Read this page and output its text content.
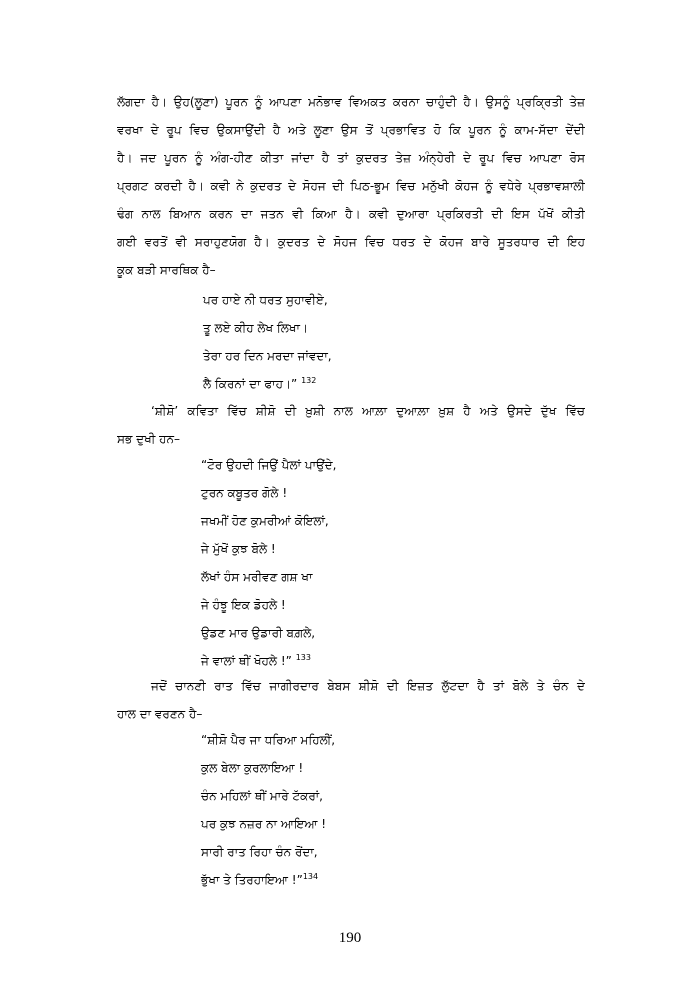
ਲੱਗਦਾ ਹੈ। ਉਹ(ਲੂਣਾ) ਪੂਰਨ ਨੂੰ ਆਪਣਾ ਮਨੋਭਾਵ ਵਿਅਕਤ ਕਰਨਾ ਚਾਹੁੰਦੀ ਹੈ। ਉਸਨੂੰ ਪ੍ਰਕ੍ਰਿਤੀ ਤੇਜ਼
ਵਰਖਾ ਦੇ ਰੂਪ ਵਿਚ ਉਕਸਾਉਂਦੀ ਹੈ ਅਤੇ ਲੂਣਾ ਉਸ ਤੋਂ ਪ੍ਰਭਾਵਿਤ ਹੋ ਕਿ ਪੂਰਨ ਨੂੰ ਕਾਮ-ਸੱਦਾ ਦੇਂਦੀ
ਹੈ। ਜਦ ਪੂਰਨ ਨੂੰ ਅੰਗ-ਹੀਣ ਕੀਤਾ ਜਾਂਦਾ ਹੈ ਤਾਂ ਕੁਦਰਤ ਤੇਜ਼ ਅੰਨ੍ਹੇਰੀ ਦੇ ਰੂਪ ਵਿਚ ਆਪਣਾ ਰੋਸ
ਪ੍ਰਗਟ ਕਰਦੀ ਹੈ। ਕਵੀ ਨੇ ਕੁਦਰਤ ਦੇ ਸੋਹਜ ਦੀ ਪਿਠ-ਭੂਮ ਵਿਚ ਮਨੁੱਖੀ ਕੋਹਜ ਨੂੰ ਵਧੇਰੇ ਪ੍ਰਭਾਵਸ਼ਾਲੀ
ਢੰਗ ਨਾਲ ਬਿਆਨ ਕਰਨ ਦਾ ਜਤਨ ਵੀ ਕਿਆ ਹੈ। ਕਵੀ ਦੁਆਰਾ ਪ੍ਰਕਿਰਤੀ ਦੀ ਇਸ ਪੱਖੋਂ ਕੀਤੀ
ਗਈ ਵਰਤੋਂ ਵੀ ਸਰਾਹੁਣਯੋਗ ਹੈ। ਕੁਦਰਤ ਦੇ ਸੋਹਜ ਵਿਚ ਧਰਤ ਦੇ ਕੋਹਜ ਬਾਰੇ ਸੂਤਰਧਾਰ ਦੀ ਇਹ
ਕੂਕ ਬੜੀ ਸਾਰਥਿਕ ਹੈ–
ਪਰ ਹਾਏ ਨੀ ਧਰਤ ਸੁਹਾਵੀਏ,
ਤੂ ਲਏ ਕੀਹ ਲੇਖ ਲਿਖਾ।
ਤੇਰਾ ਹਰ ਦਿਨ ਮਰਦਾ ਜਾਂਵਦਾ,
ਲੈ ਕਿਰਨਾਂ ਦਾ ਫਾਹ।” $^{132}$
‘ਸ਼ੀਸ਼ੋ’ ਕਵਿਤਾ ਵਿੱਚ ਸ਼ੀਸ਼ੋ ਦੀ ਖ਼ੁਸ਼ੀ ਨਾਲ ਆਲ਼ਾ ਦੁਆਲ਼ਾ ਖ਼ੁਸ਼ ਹੈ ਅਤੇ ਉਸਦੇ ਦੁੱਖ ਵਿੱਚ
ਸਭ ਦੁਖੀ ਹਨ–
“ਟੋਰ ਉਹਦੀ ਜਿਉਂ ਪੈਲਾਂ ਪਾਉਂਦੇ,
ਟੁਰਨ ਕਬੂਤਰ ਗੋਲੇ !
ਜਖਮੀਂ ਹੋਣ ਕੁਮਰੀਆਂ ਕੋਇਲਾਂ,
ਜੇ ਮੁੱਖੋਂ ਕੁਝ ਬੋਲੇ !
ਲੱਖਾਂ ਹੰਸ ਮਰੀਵਣ ਗਸ਼ ਖਾ
ਜੇ ਹੰਝੂ ਇਕ ਡੋਹਲੇ !
ਉਡਣ ਮਾਰ ਉਡਾਰੀ ਬਗ਼ਲੇ,
ਜੇ ਵਾਲਾਂ ਥੀਂ ਖੋਹਲੇ !” $^{133}$
ਜਦੋਂ ਚਾਨਣੀ ਰਾਤ ਵਿੱਚ ਜਾਗੀਰਦਾਰ ਬੇਬਸ ਸ਼ੀਸ਼ੋ ਦੀ ਇਜ਼ਤ ਲੁੱਟਦਾ ਹੈ ਤਾਂ ਬੋਲੇ ਤੇ ਚੰਨ ਦੇ
ਹਾਲ ਦਾ ਵਰਣਨ ਹੈ–
“ਸ਼ੀਸ਼ੋ ਪੈਰ ਜਾ ਧਰਿਆ ਮਹਿਲੀਂ,
ਕੁਲ ਬੇਲਾ ਕੁਰਲਾਇਆ !
ਚੰਨ ਮਹਿਲਾਂ ਥੀਂ ਮਾਰੇ ਟੱਕਰਾਂ,
ਪਰ ਕੁਝ ਨਜ਼ਰ ਨਾ ਆਇਆ !
ਸਾਰੀ ਰਾਤ ਰਿਹਾ ਚੰਨ ਰੋਂਦਾ,
ਭੁੱਖਾ ਤੇ ਤਿਰਹਾਇਆ !”$^{134}$
190
